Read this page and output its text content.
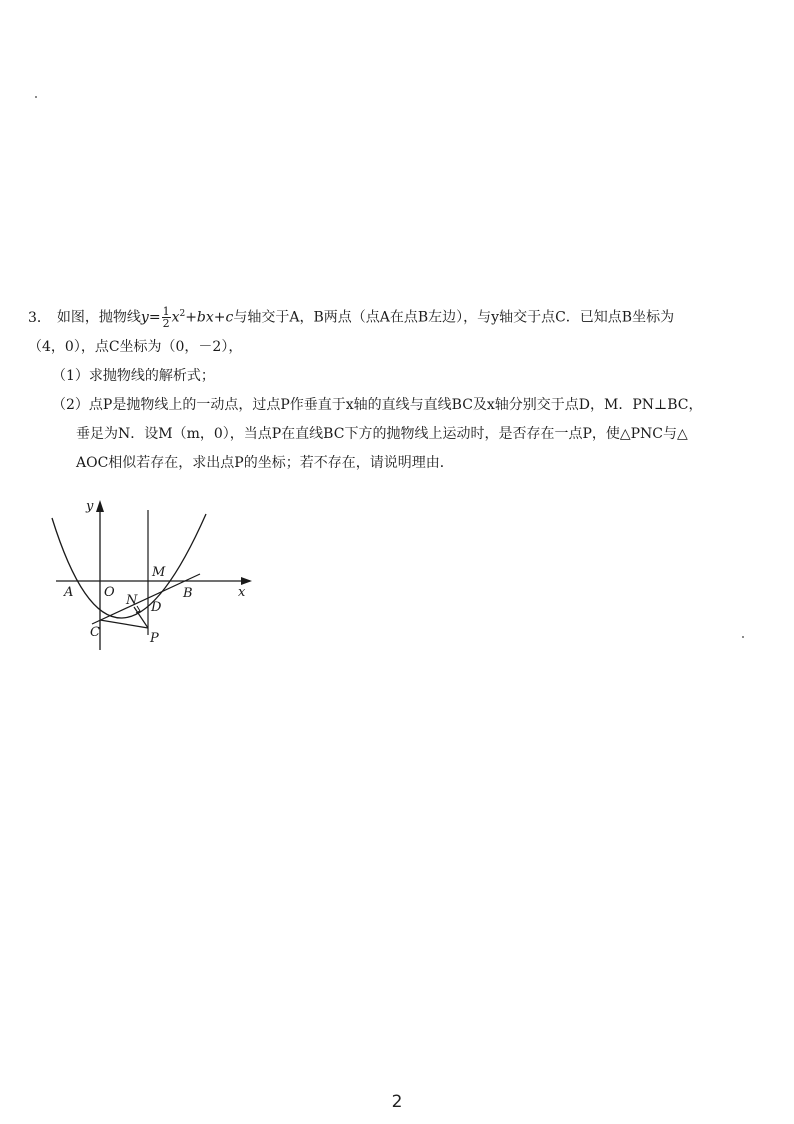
3． 如图，抛物线$y= \frac{1}{2} x^2+bx+c$与轴交于A，B两点（点A在点B左边），与y轴交于点C．已知点B坐标为
（4，0），点C坐标为（0，－2），
（1）求抛物线的解析式；
（2）点P是抛物线上的一动点，过点P作垂直于x轴的直线与直线BC及x轴分别交于点D，M．PN⊥BC，
垂足为N．设M（m，0），当点P在直线BC下方的抛物线上运动时，是否存在一点P，使△PNC与△
AOC相似若存在，求出点P的坐标；若不存在，请说明理由．
y
x
A O	B
C
M
N D
P
2
